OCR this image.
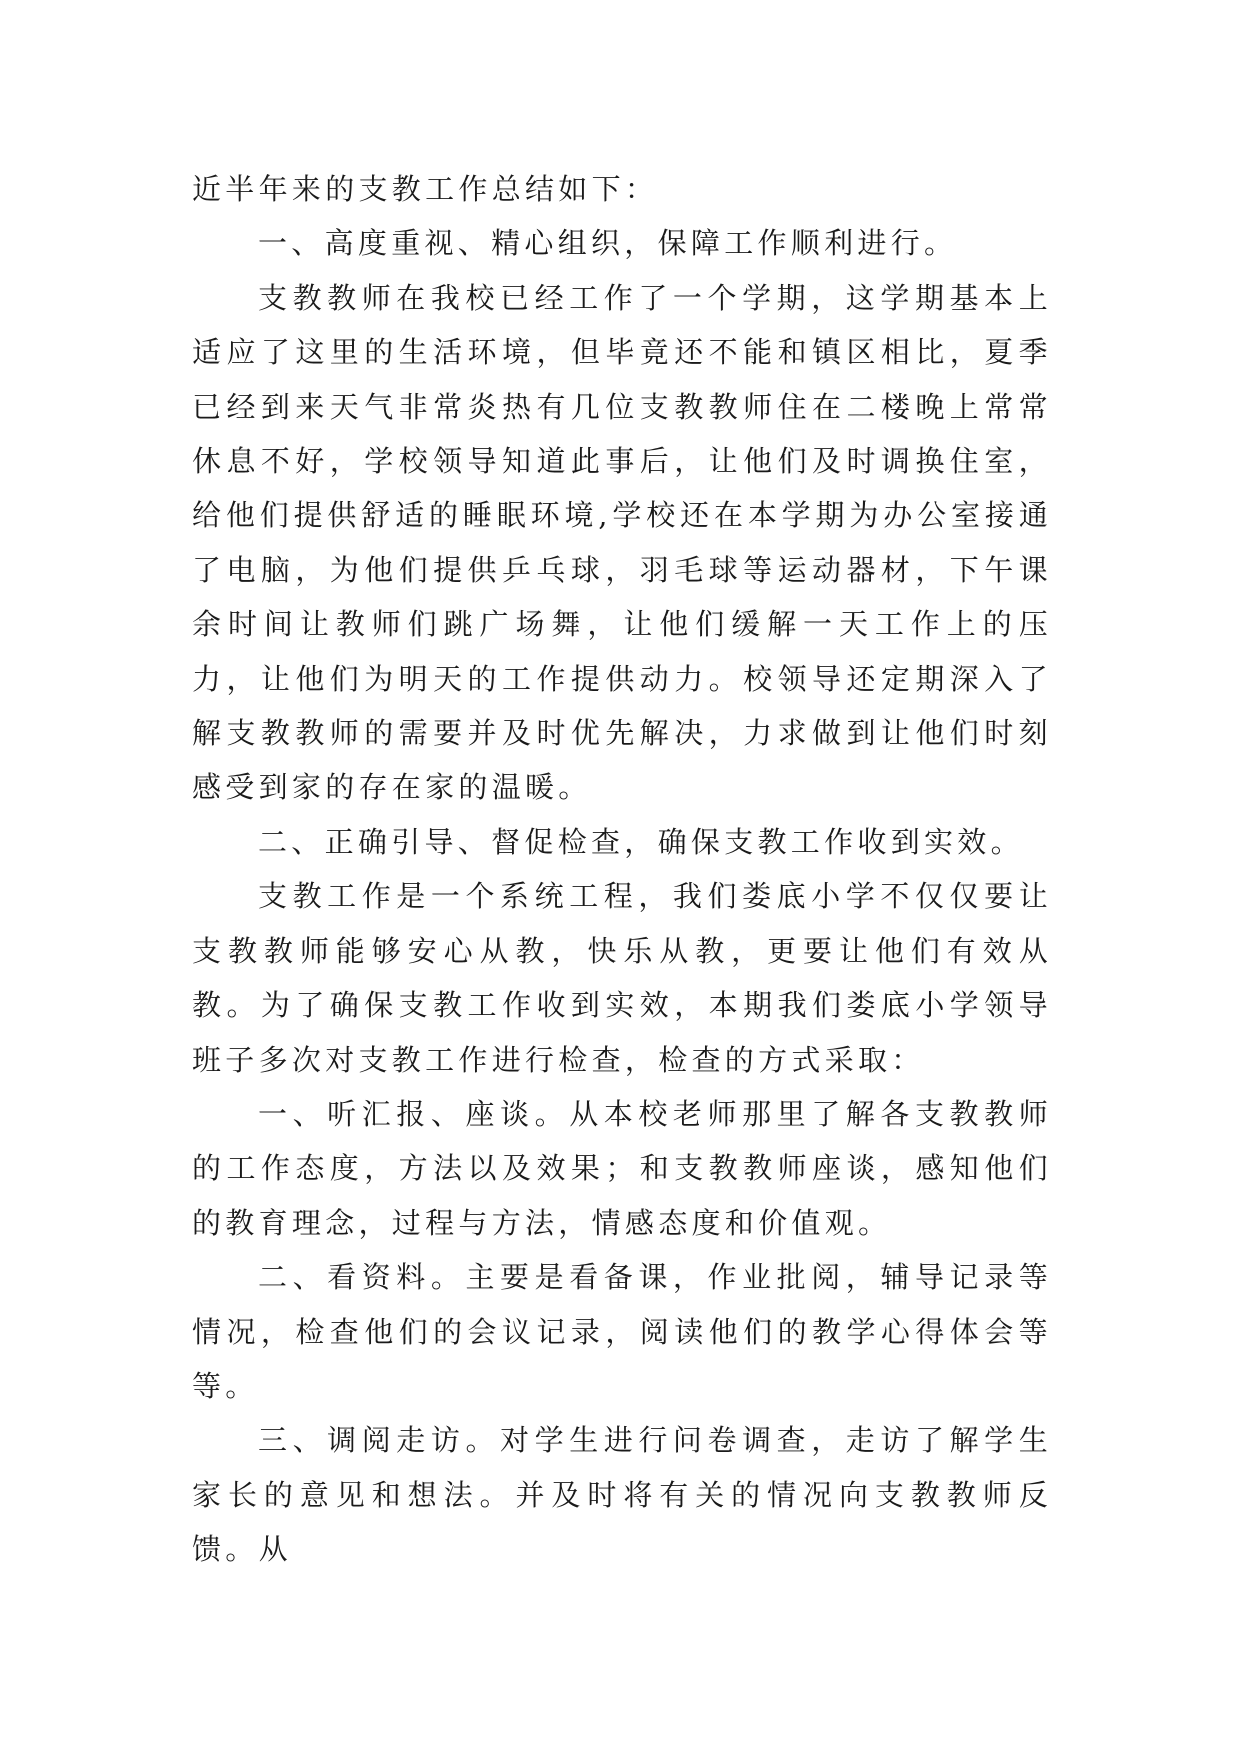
近半年来的支教工作总结如下：

一、高度重视、精心组织，保障工作顺利进行。

支教教师在我校已经工作了一个学期，这学期基本上适应了这里的生活环境，但毕竟还不能和镇区相比，夏季已经到来天气非常炎热有几位支教教师住在二楼晚上常常休息不好，学校领导知道此事后，让他们及时调换住室，给他们提供舒适的睡眠环境,学校还在本学期为办公室接通了电脑，为他们提供乒乓球，羽毛球等运动器材，下午课余时间让教师们跳广场舞，让他们缓解一天工作上的压力，让他们为明天的工作提供动力。校领导还定期深入了解支教教师的需要并及时优先解决，力求做到让他们时刻感受到家的存在家的温暖。

二、正确引导、督促检查，确保支教工作收到实效。

支教工作是一个系统工程，我们娄底小学不仅仅要让支教教师能够安心从教，快乐从教，更要让他们有效从教。为了确保支教工作收到实效，本期我们娄底小学领导班子多次对支教工作进行检查，检查的方式采取：

一、听汇报、座谈。从本校老师那里了解各支教教师的工作态度，方法以及效果；和支教教师座谈，感知他们的教育理念，过程与方法，情感态度和价值观。

二、看资料。主要是看备课，作业批阅，辅导记录等情况，检查他们的会议记录，阅读他们的教学心得体会等等。

三、调阅走访。对学生进行问卷调查，走访了解学生家长的意见和想法。并及时将有关的情况向支教教师反馈。从
